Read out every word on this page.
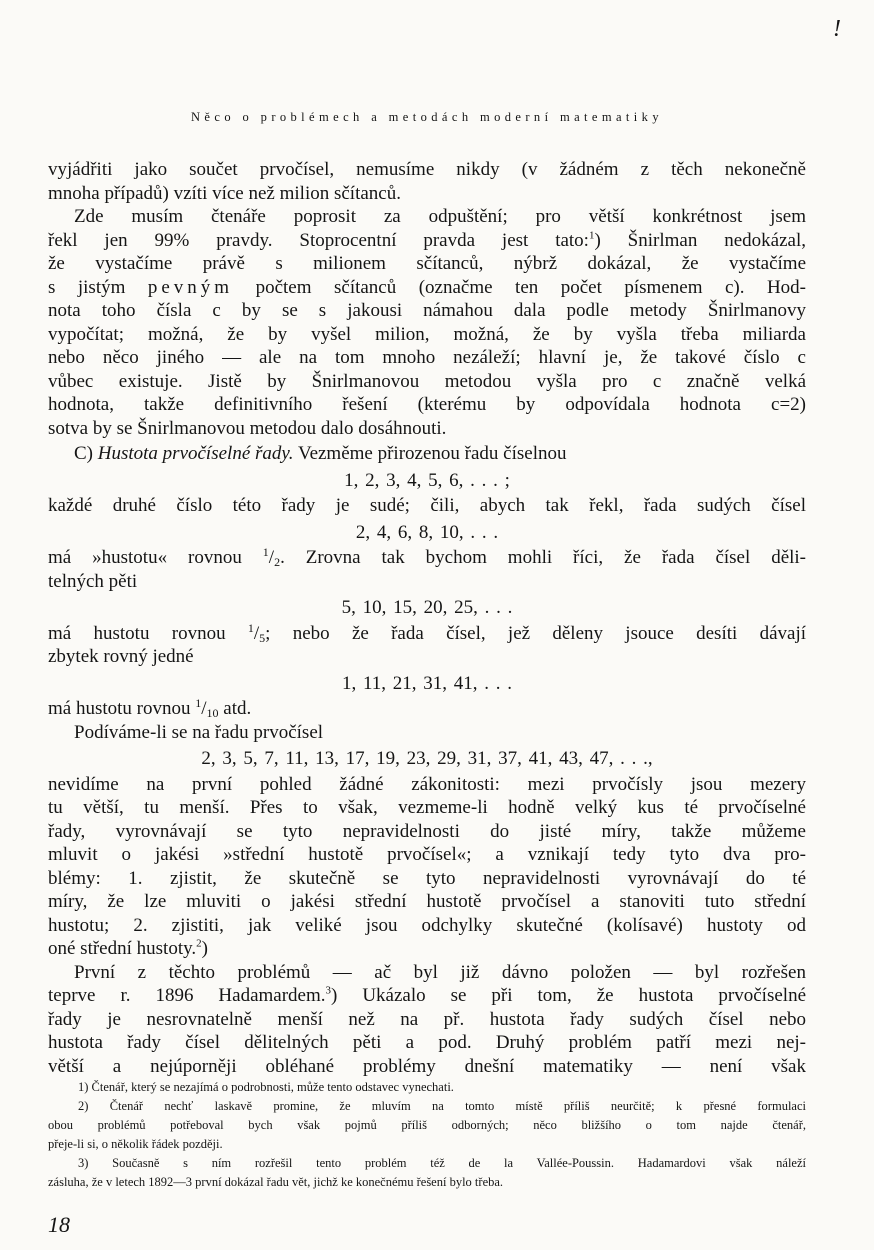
!
Něco o problémech a metodách moderní matematiky

vyjádřiti jako součet prvočísel, nemusíme nikdy (v žádném z těch nekonečně

mnoha případů) vzíti více než milion sčítanců.

Zde musím čtenáře poprosit za odpuštění; pro větší konkrétnost jsem

řekl jen 99% pravdy. Stoprocentní pravda jest tato:$^1$) Šnirlman nedokázal,

že vystačíme právě s milionem sčítanců, nýbrž dokázal, že vystačíme

s jistým pevným počtem sčítanců (označme ten počet písmenem c). Hod-

nota toho čísla c by se s jakousi námahou dala podle metody Šnirlmanovy

vypočítat; možná, že by vyšel milion, možná, že by vyšla třeba miliarda

nebo něco jiného — ale na tom mnoho nezáleží; hlavní je, že takové číslo c

vůbec existuje. Jistě by Šnirlmanovou metodou vyšla pro c značně velká

hodnota, takže definitivního řešení (kterému by odpovídala hodnota c=2)

sotva by se Šnirlmanovou metodou dalo dosáhnouti.

C) Hustota prvočíselné řady. Vezměme přirozenou řadu číselnou

1, 2, 3, 4, 5, 6, . . . ;

každé druhé číslo této řady je sudé; čili, abych tak řekl, řada sudých čísel

2, 4, 6, 8, 10, . . .

má »hustotu« rovnou $^1/_2$. Zrovna tak bychom mohli říci, že řada čísel děli-

telných pěti

5, 10, 15, 20, 25, . . .

má hustotu rovnou $^1/_5$; nebo že řada čísel, jež děleny jsouce desíti dávají

zbytek rovný jedné

1, 11, 21, 31, 41, . . .

má hustotu rovnou $^1/_{10}$ atd.

Podíváme-li se na řadu prvočísel

2, 3, 5, 7, 11, 13, 17, 19, 23, 29, 31, 37, 41, 43, 47, . . .,

nevidíme na první pohled žádné zákonitosti: mezi prvočísly jsou mezery

tu větší, tu menší. Přes to však, vezmeme-li hodně velký kus té prvočíselné

řady, vyrovnávají se tyto nepravidelnosti do jisté míry, takže můžeme

mluvit o jakési »střední hustotě prvočísel«; a vznikají tedy tyto dva pro-

blémy: 1. zjistit, že skutečně se tyto nepravidelnosti vyrovnávají do té

míry, že lze mluviti o jakési střední hustotě prvočísel a stanoviti tuto střední

hustotu; 2. zjistiti, jak veliké jsou odchylky skutečné (kolísavé) hustoty od

oné střední hustoty.$^2$)

První z těchto problémů — ač byl již dávno položen — byl rozřešen

teprve r. 1896 Hadamardem.$^3$) Ukázalo se při tom, že hustota prvočíselné

řady je nesrovnatelně menší než na př. hustota řady sudých čísel nebo

hustota řady čísel dělitelných pěti a pod. Druhý problém patří mezi nej-

větší a nejúporněji obléhané problémy dnešní matematiky — není však

1) Čtenář, který se nezajímá o podrobnosti, může tento odstavec vynechati.

2) Čtenář nechť laskavě promine, že mluvím na tomto místě příliš neurčitě; k přesné formulaci

obou problémů potřeboval bych však pojmů příliš odborných; něco bližšího o tom najde čtenář,

přeje-li si, o několik řádek později.

3) Současně s ním rozřešil tento problém též de la Vallée-Poussin. Hadamardovi však náleží

zásluha, že v letech 1892—3 první dokázal řadu vět, jichž ke konečnému řešení bylo třeba.

18
